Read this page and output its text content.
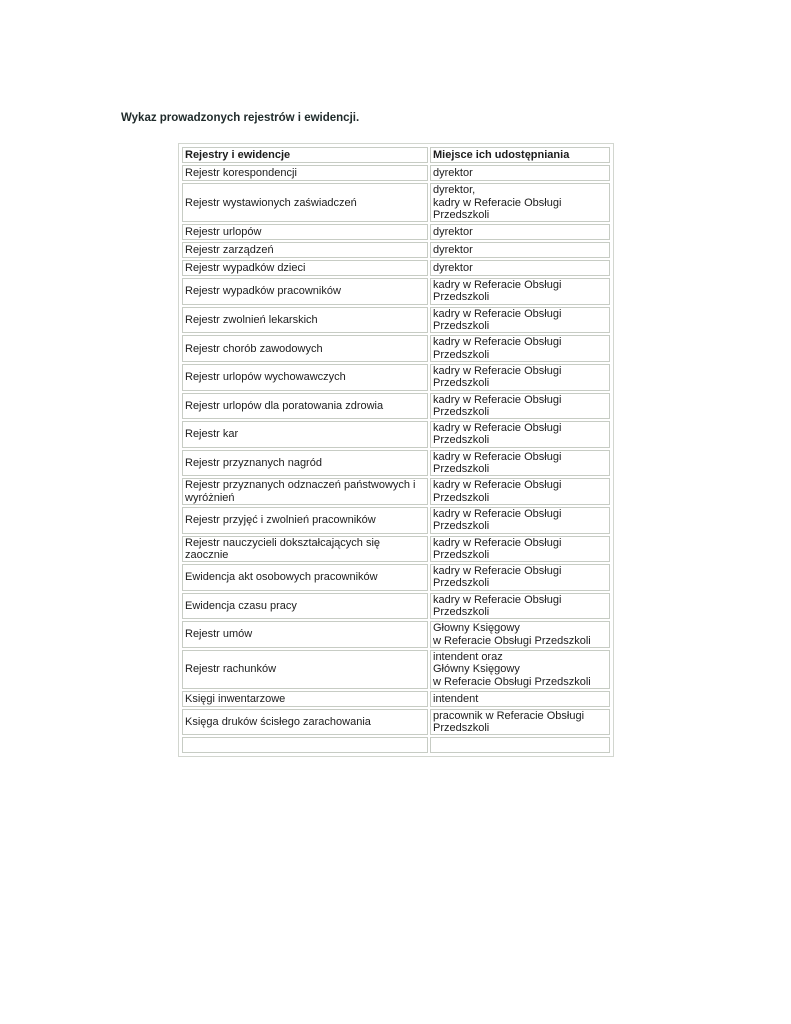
Wykaz prowadzonych rejestrów i ewidencji.
Rejestry i ewidencje	Miejsce ich udostępniania
Rejestr korespondencji	dyrektor

Rejestr wystawionych zaświadczeń	dyrektor,
kadry w Referacie Obsługi
Przedszkoli

Rejestr urlopów	dyrektor

Rejestr zarządzeń	dyrektor

Rejestr wypadków dzieci	dyrektor

Rejestr wypadków pracowników	kadry w Referacie Obsługi
Przedszkoli

Rejestr zwolnień lekarskich	kadry w Referacie Obsługi
Przedszkoli

Rejestr chorób zawodowych	kadry w Referacie Obsługi
Przedszkoli

Rejestr urlopów wychowawczych	kadry w Referacie Obsługi
Przedszkoli

Rejestr urlopów dla poratowania zdrowia	kadry w Referacie Obsługi
Przedszkoli

Rejestr kar	kadry w Referacie Obsługi
Przedszkoli

Rejestr przyznanych nagród	kadry w Referacie Obsługi
Przedszkoli

Rejestr przyznanych odznaczeń państwowych i wyróżnień	kadry w Referacie Obsługi
Przedszkoli

Rejestr przyjęć i zwolnień pracowników	kadry w Referacie Obsługi
Przedszkoli

Rejestr nauczycieli dokształcających się zaocznie	kadry w Referacie Obsługi
Przedszkoli

Ewidencja akt osobowych pracowników	kadry w Referacie Obsługi
Przedszkoli

Ewidencja czasu pracy	kadry w Referacie Obsługi
Przedszkoli

Rejestr umów	Głowny Księgowy
w Referacie Obsługi Przedszkoli

Rejestr rachunków	intendent oraz
Główny Księgowy
w Referacie Obsługi Przedszkoli

Księgi inwentarzowe	intendent

Księga druków ścisłego zarachowania	pracownik w Referacie Obsługi
Przedszkoli
